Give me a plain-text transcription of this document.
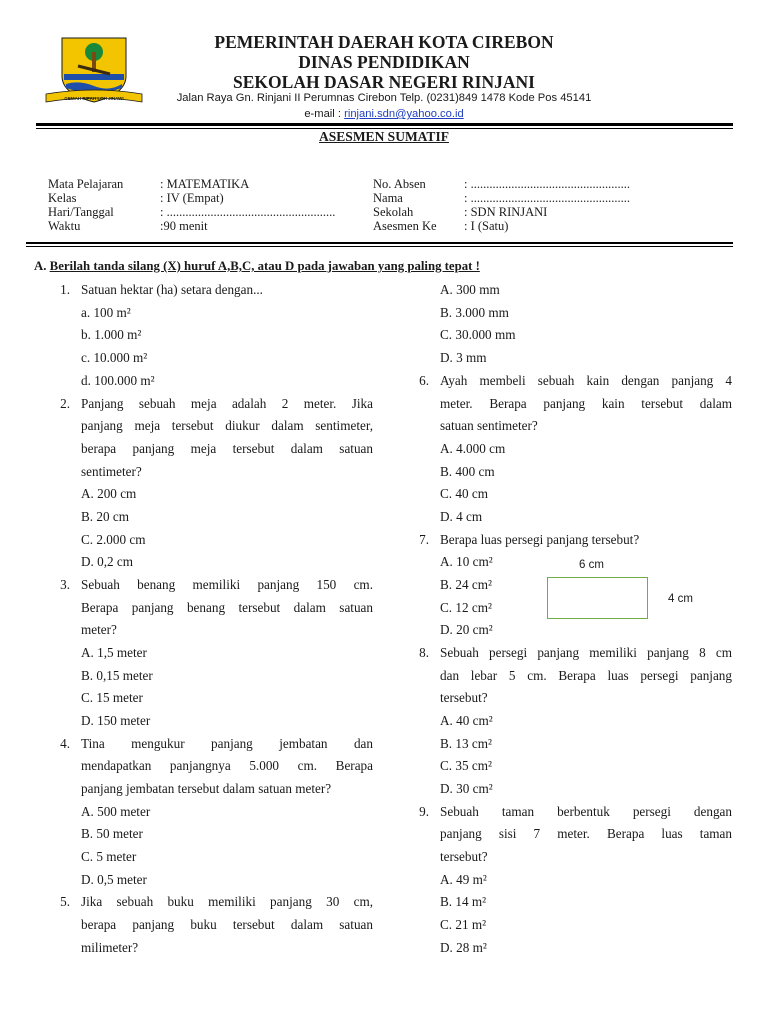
GEMAH RIPAH LOH JINAWI
PEMERINTAH DAERAH KOTA CIREBON
DINAS PENDIDIKAN
SEKOLAH DASAR NEGERI RINJANI
Jalan Raya Gn. Rinjani II Perumnas Cirebon Telp. (0231)849 1478 Kode Pos 45141
e-mail : rinjani.sdn@yahoo.co.id
ASESMEN SUMATIF
Mata Pelajaran	: MATEMATIKA
Kelas	: IV (Empat)
Hari/Tanggal	: ......................................................
Waktu	:90 menit
No. Absen	: ...................................................
Nama	: ...................................................
Sekolah	: SDN RINJANI
Asesmen Ke : I (Satu)
A. Berilah tanda silang (X) huruf A,B,C, atau D pada jawaban yang paling tepat !
1. Satuan hektar (ha) setara dengan...
a. 100 m²
b. 1.000 m²
c. 10.000 m²
d. 100.000 m²
2. Panjang sebuah meja adalah 2 meter. Jika
panjang meja tersebut diukur dalam sentimeter,
berapa panjang meja tersebut dalam satuan
sentimeter?
A. 200 cm
B. 20 cm
C. 2.000 cm
D. 0,2 cm
3. Sebuah benang memiliki panjang 150 cm.
Berapa panjang benang tersebut dalam satuan
meter?
A. 1,5 meter
B. 0,15 meter
C. 15 meter
D. 150 meter
4. Tina mengukur panjang jembatan dan
mendapatkan panjangnya 5.000 cm. Berapa
panjang jembatan tersebut dalam satuan meter?
A. 500 meter
B. 50 meter
C. 5 meter
D. 0,5 meter
5. Jika sebuah buku memiliki panjang 30 cm,
berapa panjang buku tersebut dalam satuan
milimeter?
A. 300 mm
B. 3.000 mm
C. 30.000 mm
D. 3 mm
6. Ayah membeli sebuah kain dengan panjang 4
meter. Berapa panjang kain tersebut dalam
satuan sentimeter?
A. 4.000 cm
B. 400 cm
C. 40 cm
D. 4 cm
7. Berapa luas persegi panjang tersebut?
A. 10 cm²
B. 24 cm²
C. 12 cm²
D. 20 cm²
6 cm
4 cm
8. Sebuah persegi panjang memiliki panjang 8 cm
dan lebar 5 cm. Berapa luas persegi panjang
tersebut?
A. 40 cm²
B. 13 cm²
C. 35 cm²
D. 30 cm²
9. Sebuah taman berbentuk persegi dengan
panjang sisi 7 meter. Berapa luas taman
tersebut?
A. 49 m²
B. 14 m²
C. 21 m²
D. 28 m²
